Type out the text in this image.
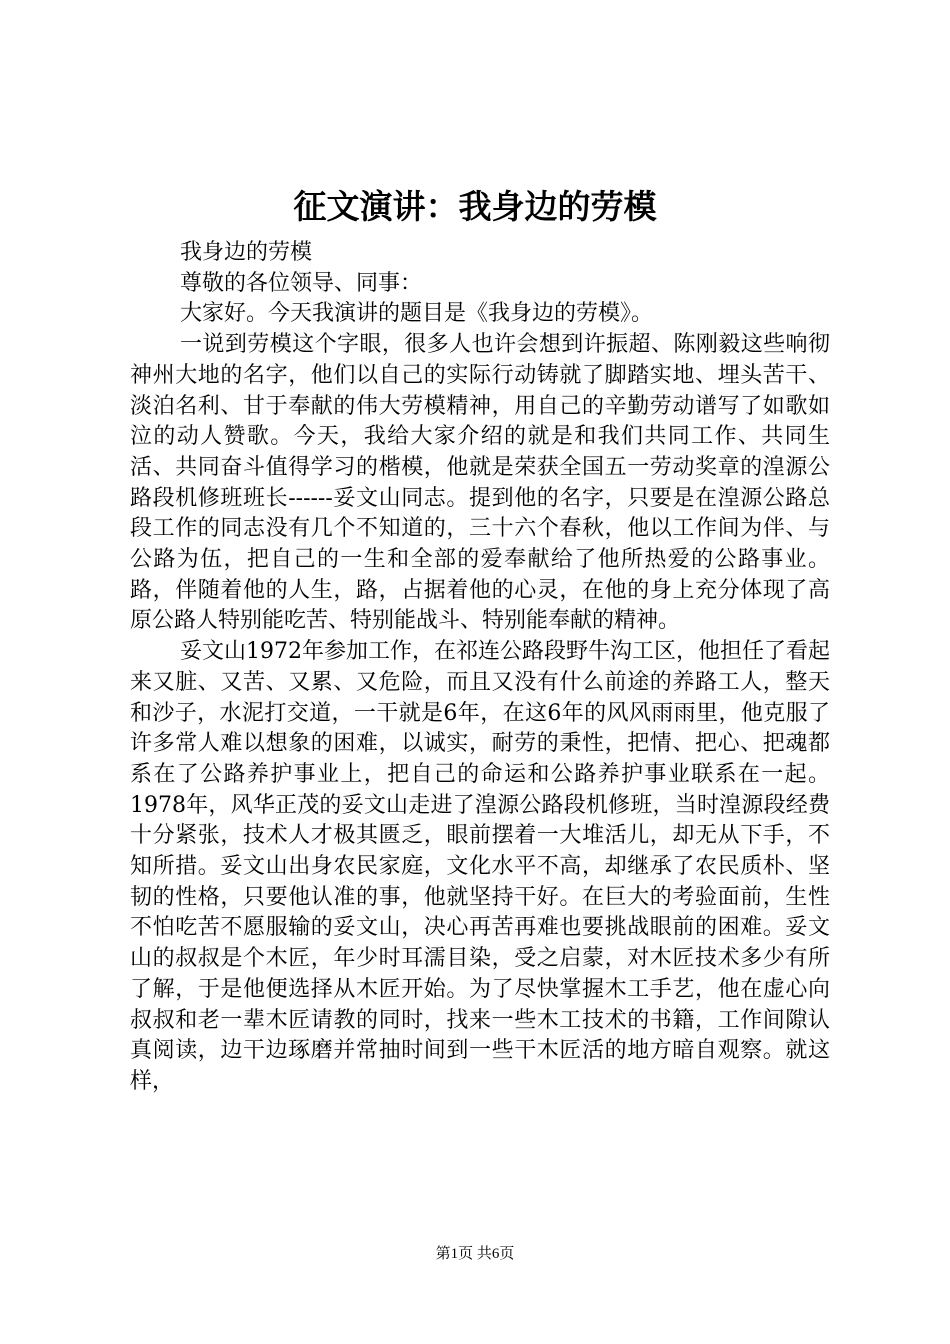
征文演讲：我身边的劳模

我身边的劳模

尊敬的各位领导、同事：

大家好。今天我演讲的题目是《我身边的劳模》。

一说到劳模这个字眼，很多人也许会想到许振超、陈刚毅这些响彻神州大地的名字，他们以自己的实际行动铸就了脚踏实地、埋头苦干、淡泊名利、甘于奉献的伟大劳模精神，用自己的辛勤劳动谱写了如歌如泣的动人赞歌。今天，我给大家介绍的就是和我们共同工作、共同生活、共同奋斗值得学习的楷模，他就是荣获全国五一劳动奖章的湟源公路段机修班班长------妥文山同志。提到他的名字，只要是在湟源公路总段工作的同志没有几个不知道的，三十六个春秋，他以工作间为伴、与公路为伍，把自己的一生和全部的爱奉献给了他所热爱的公路事业。路，伴随着他的人生，路，占据着他的心灵，在他的身上充分体现了高原公路人特别能吃苦、特别能战斗、特别能奉献的精神。

妥文山1972年参加工作，在祁连公路段野牛沟工区，他担任了看起来又脏、又苦、又累、又危险，而且又没有什么前途的养路工人，整天和沙子，水泥打交道，一干就是6年，在这6年的风风雨雨里，他克服了许多常人难以想象的困难，以诚实，耐劳的秉性，把情、把心、把魂都系在了公路养护事业上，把自己的命运和公路养护事业联系在一起。1978年，风华正茂的妥文山走进了湟源公路段机修班，当时湟源段经费十分紧张，技术人才极其匮乏，眼前摆着一大堆活儿，却无从下手，不知所措。妥文山出身农民家庭，文化水平不高，却继承了农民质朴、坚韧的性格，只要他认准的事，他就坚持干好。在巨大的考验面前，生性不怕吃苦不愿服输的妥文山，决心再苦再难也要挑战眼前的困难。妥文山的叔叔是个木匠，年少时耳濡目染，受之启蒙，对木匠技术多少有所了解，于是他便选择从木匠开始。为了尽快掌握木工手艺，他在虚心向叔叔和老一辈木匠请教的同时，找来一些木工技术的书籍，工作间隙认真阅读，边干边琢磨并常抽时间到一些干木匠活的地方暗自观察。就这样，

第1页 共6页
